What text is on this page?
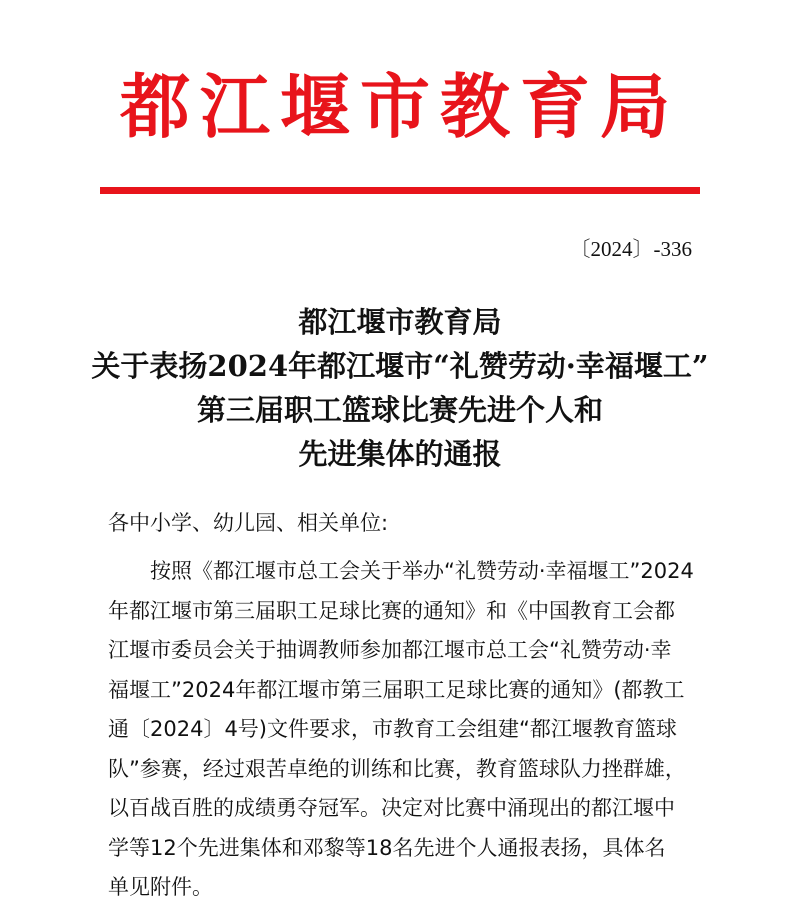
都江堰市教育局
〔2024〕-336
都江堰市教育局
关于表扬2024年都江堰市“礼赞劳动·幸福堰工”
第三届职工篮球比赛先进个人和
先进集体的通报
各中小学、幼儿园、相关单位:
按照《都江堰市总工会关于举办“礼赞劳动·幸福堰工”2024
年都江堰市第三届职工足球比赛的通知》和《中国教育工会都
江堰市委员会关于抽调教师参加都江堰市总工会“礼赞劳动·幸
福堰工”2024年都江堰市第三届职工足球比赛的通知》(都教工
通〔2024〕4号)文件要求，市教育工会组建“都江堰教育篮球
队”参赛，经过艰苦卓绝的训练和比赛，教育篮球队力挫群雄，
以百战百胜的成绩勇夺冠军。决定对比赛中涌现出的都江堰中
学等12个先进集体和邓黎等18名先进个人通报表扬，具体名
单见附件。
